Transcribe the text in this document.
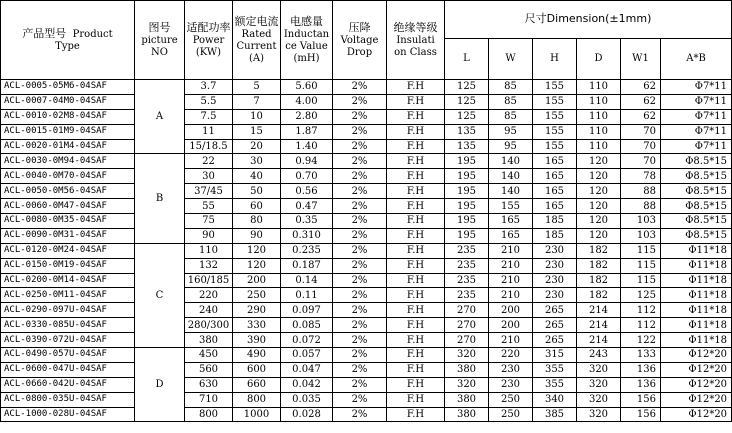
产品型号 Product
Type	图号
picture
NO	适配功率
Power
(KW)	额定电流
Rated
Current
(A)	电感量
Inductan
ce Value
(mH)	压降
Voltage
Drop	绝缘等级
Insulati
on Class	尺寸Dimension(±1mm)					
							L	W	H	D	W1	A*B
ACL-0005-05M6-04SAF	A	3.7	5	5.60	2%	F.H	125	85	155	110	62	Φ7*11
ACL-0007-04M0-04SAF		5.5	7	4.00	2%	F.H	125	85	155	110	62	Φ7*11
ACL-0010-02M8-04SAF		7.5	10	2.80	2%	F.H	125	85	155	110	62	Φ7*11
ACL-0015-01M9-04SAF		11	15	1.87	2%	F.H	135	95	155	110	70	Φ7*11
ACL-0020-01M4-04SAF		15/18.5	20	1.40	2%	F.H	135	95	155	110	70	Φ7*11
ACL-0030-0M94-04SAF	B	22	30	0.94	2%	F.H	195	140	165	120	70	Φ8.5*15
ACL-0040-0M70-04SAF		30	40	0.70	2%	F.H	195	140	165	120	78	Φ8.5*15
ACL-0050-0M56-04SAF		37/45	50	0.56	2%	F.H	195	140	165	120	88	Φ8.5*15
ACL-0060-0M47-04SAF		55	60	0.47	2%	F.H	195	155	165	120	88	Φ8.5*15
ACL-0080-0M35-04SAF		75	80	0.35	2%	F.H	195	165	185	120	103	Φ8.5*15
ACL-0090-0M31-04SAF		90	90	0.310	2%	F.H	195	165	185	120	103	Φ8.5*15
ACL-0120-0M24-04SAF	C	110	120	0.235	2%	F.H	235	210	230	182	115	Φ11*18
ACL-0150-0M19-04SAF		132	120	0.187	2%	F.H	235	210	230	182	115	Φ11*18
ACL-0200-0M14-04SAF		160/185	200	0.14	2%	F.H	235	210	230	182	115	Φ11*18
ACL-0250-0M11-04SAF		220	250	0.11	2%	F.H	235	210	230	182	125	Φ11*18
ACL-0290-097U-04SAF		240	290	0.097	2%	F.H	270	200	265	214	112	Φ11*18
ACL-0330-085U-04SAF		280/300	330	0.085	2%	F.H	270	200	265	214	112	Φ11*18
ACL-0390-072U-04SAF		380	390	0.072	2%	F.H	270	210	265	214	122	Φ11*18
ACL-0490-057U-04SAF	D	450	490	0.057	2%	F.H	320	220	315	243	133	Φ12*20
ACL-0600-047U-04SAF		560	600	0.047	2%	F.H	380	230	355	320	136	Φ12*20
ACL-0660-042U-04SAF		630	660	0.042	2%	F.H	320	230	355	320	136	Φ12*20
ACL-0800-035U-04SAF		710	800	0.035	2%	F.H	380	250	340	320	156	Φ12*20
ACL-1000-028U-04SAF		800	1000	0.028	2%	F.H	380	250	385	320	156	Φ12*20
